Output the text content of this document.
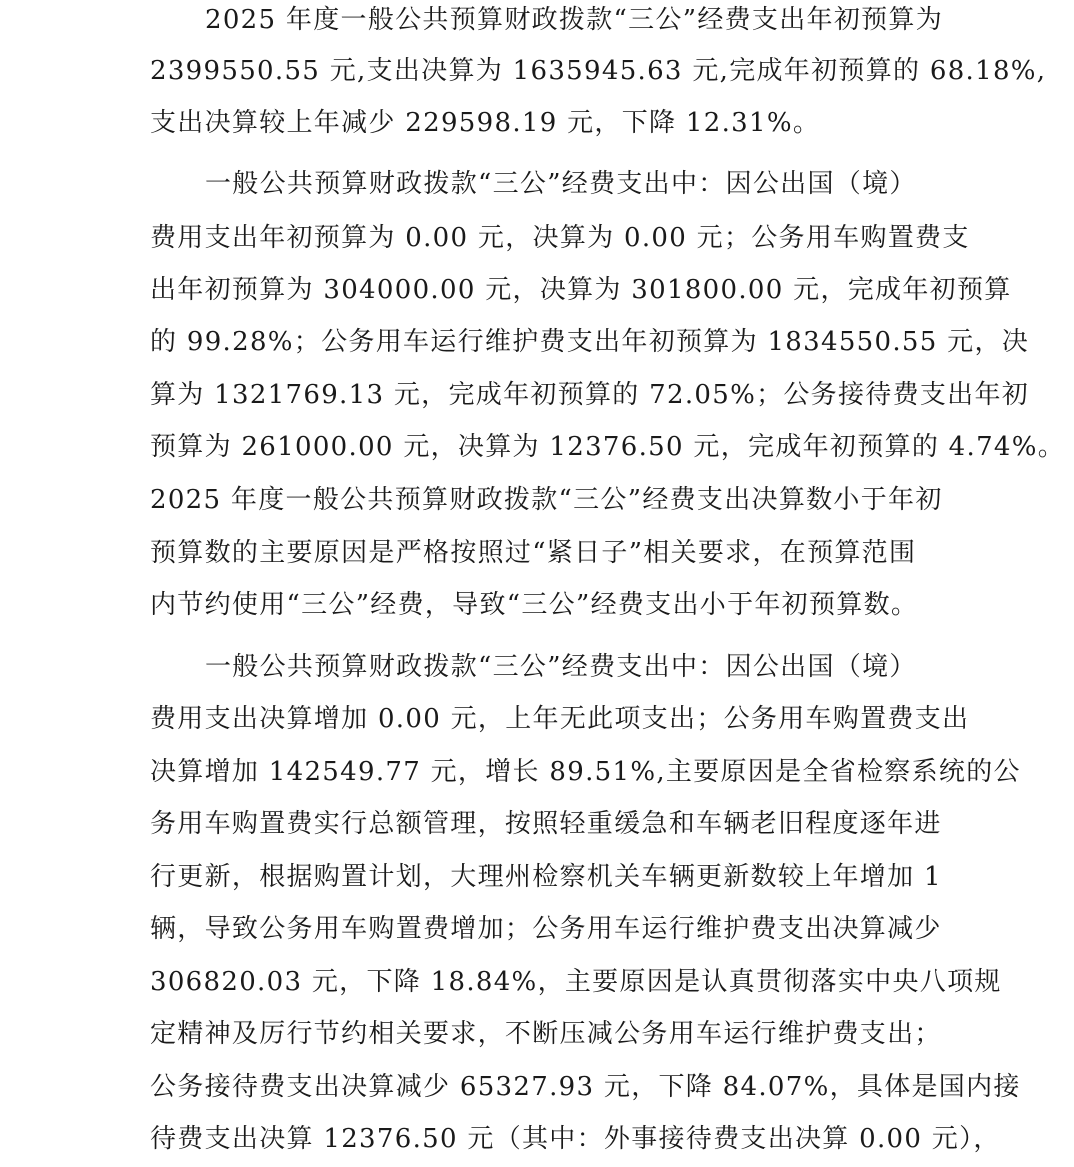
2025 年度一般公共预算财政拨款“三公”经费支出年初预算为
2399550.55 元,支出决算为 1635945.63 元,完成年初预算的 68.18%,
支出决算较上年减少 229598.19 元，下降 12.31%。
一般公共预算财政拨款“三公”经费支出中：因公出国（境）
费用支出年初预算为 0.00 元，决算为 0.00 元；公务用车购置费支
出年初预算为 304000.00 元，决算为 301800.00 元，完成年初预算
的 99.28%；公务用车运行维护费支出年初预算为 1834550.55 元，决
算为 1321769.13 元，完成年初预算的 72.05%；公务接待费支出年初
预算为 261000.00 元，决算为 12376.50 元，完成年初预算的 4.74%。
2025 年度一般公共预算财政拨款“三公”经费支出决算数小于年初
预算数的主要原因是严格按照过“紧日子”相关要求，在预算范围
内节约使用“三公”经费，导致“三公”经费支出小于年初预算数。
一般公共预算财政拨款“三公”经费支出中：因公出国（境）
费用支出决算增加 0.00 元，上年无此项支出；公务用车购置费支出
决算增加 142549.77 元，增长 89.51%,主要原因是全省检察系统的公
务用车购置费实行总额管理，按照轻重缓急和车辆老旧程度逐年进
行更新，根据购置计划，大理州检察机关车辆更新数较上年增加 1
辆，导致公务用车购置费增加；公务用车运行维护费支出决算减少
306820.03 元，下降 18.84%，主要原因是认真贯彻落实中央八项规
定精神及厉行节约相关要求，不断压减公务用车运行维护费支出；
公务接待费支出决算减少 65327.93 元，下降 84.07%，具体是国内接
待费支出决算 12376.50 元（其中：外事接待费支出决算 0.00 元），
